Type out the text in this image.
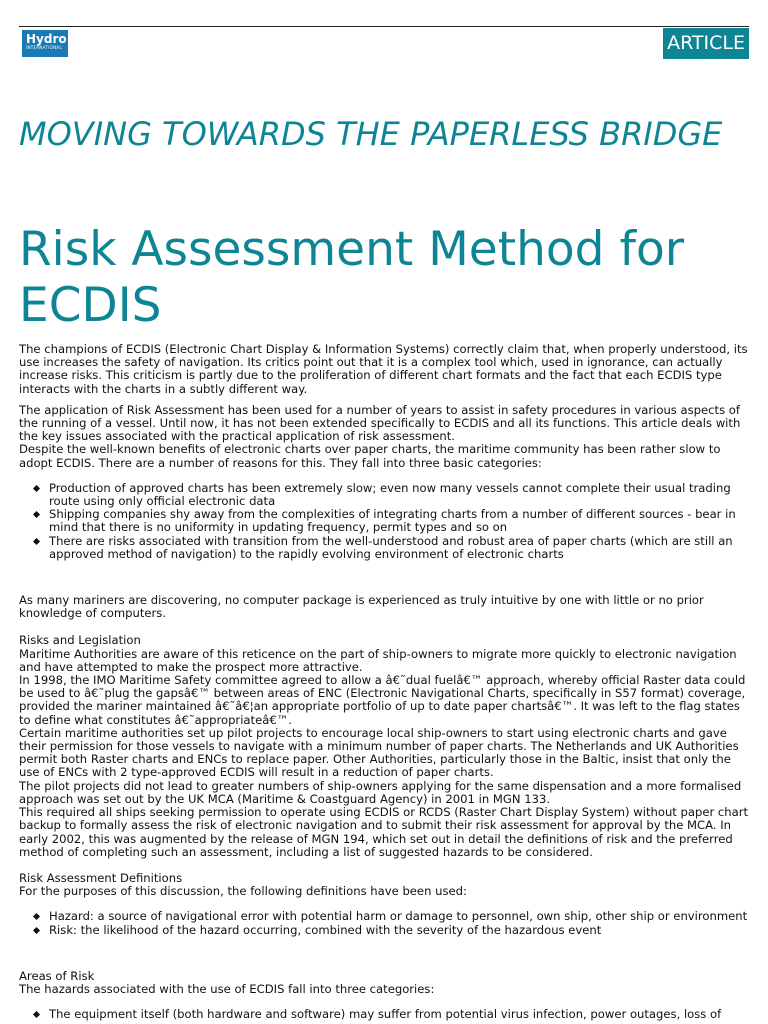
Hydro
INTERNATIONAL	ARTICLE
MOVING TOWARDS THE PAPERLESS BRIDGE
Risk Assessment Method for ECDIS

The champions of ECDIS (Electronic Chart Display & Information Systems) correctly claim that, when properly understood, its use increases the safety of navigation. Its critics point out that it is a complex tool which, used in ignorance, can actually increase risks. This criticism is partly due to the proliferation of different chart formats and the fact that each ECDIS type interacts with the charts in a subtly different way.

The application of Risk Assessment has been used for a number of years to assist in safety procedures in various aspects of the running of a vessel. Until now, it has not been extended specifically to ECDIS and all its functions. This article deals with the key issues associated with the practical application of risk assessment.
Despite the well-known benefits of electronic charts over paper charts, the maritime community has been rather slow to adopt ECDIS. There are a number of reasons for this. They fall into three basic categories:

Production of approved charts has been extremely slow; even now many vessels cannot complete their usual trading route using only official electronic data
Shipping companies shy away from the complexities of integrating charts from a number of different sources - bear in mind that there is no uniformity in updating frequency, permit types and so on
There are risks associated with transition from the well-understood and robust area of paper charts (which are still an approved method of navigation) to the rapidly evolving environment of electronic charts

As many mariners are discovering, no computer package is experienced as truly intuitive by one with little or no prior knowledge of computers.

Risks and Legislation
Maritime Authorities are aware of this reticence on the part of ship-owners to migrate more quickly to electronic navigation and have attempted to make the prospect more attractive.
In 1998, the IMO Maritime Safety committee agreed to allow a â€˜dual fuelâ€™ approach, whereby official Raster data could be used to â€˜plug the gapsâ€™ between areas of ENC (Electronic Navigational Charts, specifically in S57 format) coverage, provided the mariner maintained â€˜â€¦an appropriate portfolio of up to date paper chartsâ€™. It was left to the flag states to define what constitutes â€˜appropriateâ€™.
Certain maritime authorities set up pilot projects to encourage local ship-owners to start using electronic charts and gave their permission for those vessels to navigate with a minimum number of paper charts. The Netherlands and UK Authorities permit both Raster charts and ENCs to replace paper. Other Authorities, particularly those in the Baltic, insist that only the use of ENCs with 2 type-approved ECDIS will result in a reduction of paper charts.
The pilot projects did not lead to greater numbers of ship-owners applying for the same dispensation and a more formalised approach was set out by the UK MCA (Maritime & Coastguard Agency) in 2001 in MGN 133.
This required all ships seeking permission to operate using ECDIS or RCDS (Raster Chart Display System) without paper chart backup to formally assess the risk of electronic navigation and to submit their risk assessment for approval by the MCA. In early 2002, this was augmented by the release of MGN 194, which set out in detail the definitions of risk and the preferred method of completing such an assessment, including a list of suggested hazards to be considered.

Risk Assessment Definitions
For the purposes of this discussion, the following definitions have been used:

Hazard: a source of navigational error with potential harm or damage to personnel, own ship, other ship or environment
Risk: the likelihood of the hazard occurring, combined with the severity of the hazardous event

Areas of Risk
The hazards associated with the use of ECDIS fall into three categories:

The equipment itself (both hardware and software) may suffer from potential virus infection, power outages, loss of
